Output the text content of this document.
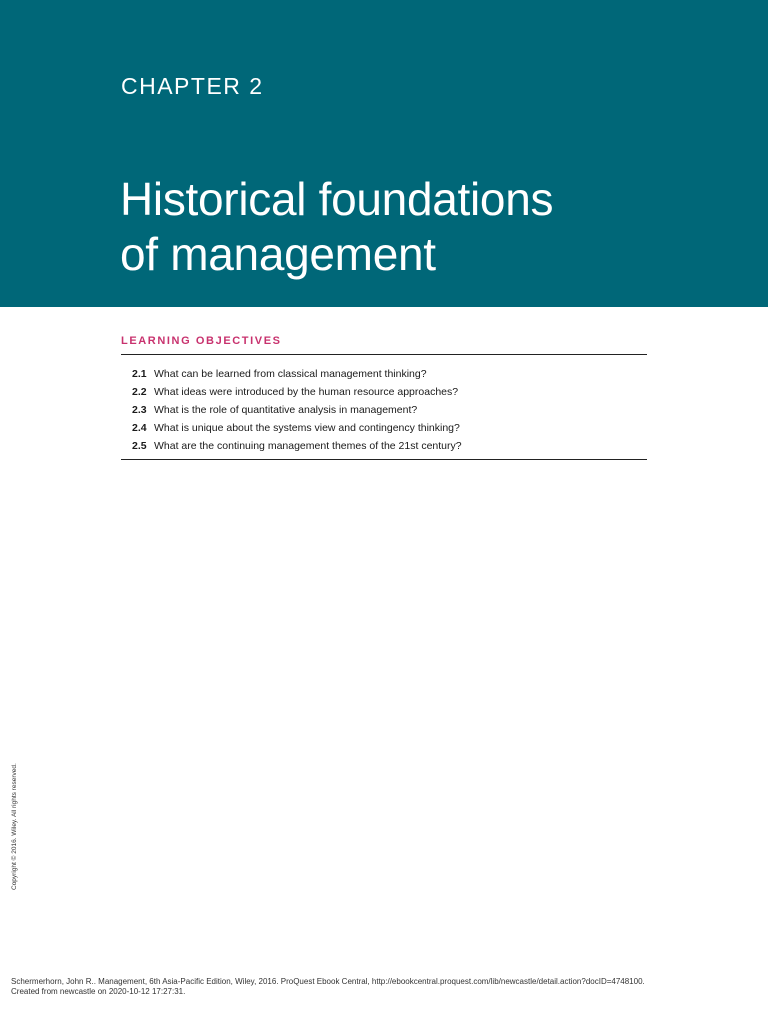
CHAPTER 2
Historical foundations
of management
LEARNING OBJECTIVES
2.1 What can be learned from classical management thinking?
2.2 What ideas were introduced by the human resource approaches?
2.3 What is the role of quantitative analysis in management?
2.4 What is unique about the systems view and contingency thinking?
2.5 What are the continuing management themes of the 21st century?
Copyright © 2016. Wiley. All rights reserved.
Schermerhorn, John R.. Management, 6th Asia-Pacific Edition, Wiley, 2016. ProQuest Ebook Central, http://ebookcentral.proquest.com/lib/newcastle/detail.action?docID=4748100.
Created from newcastle on 2020-10-12 17:27:31.
